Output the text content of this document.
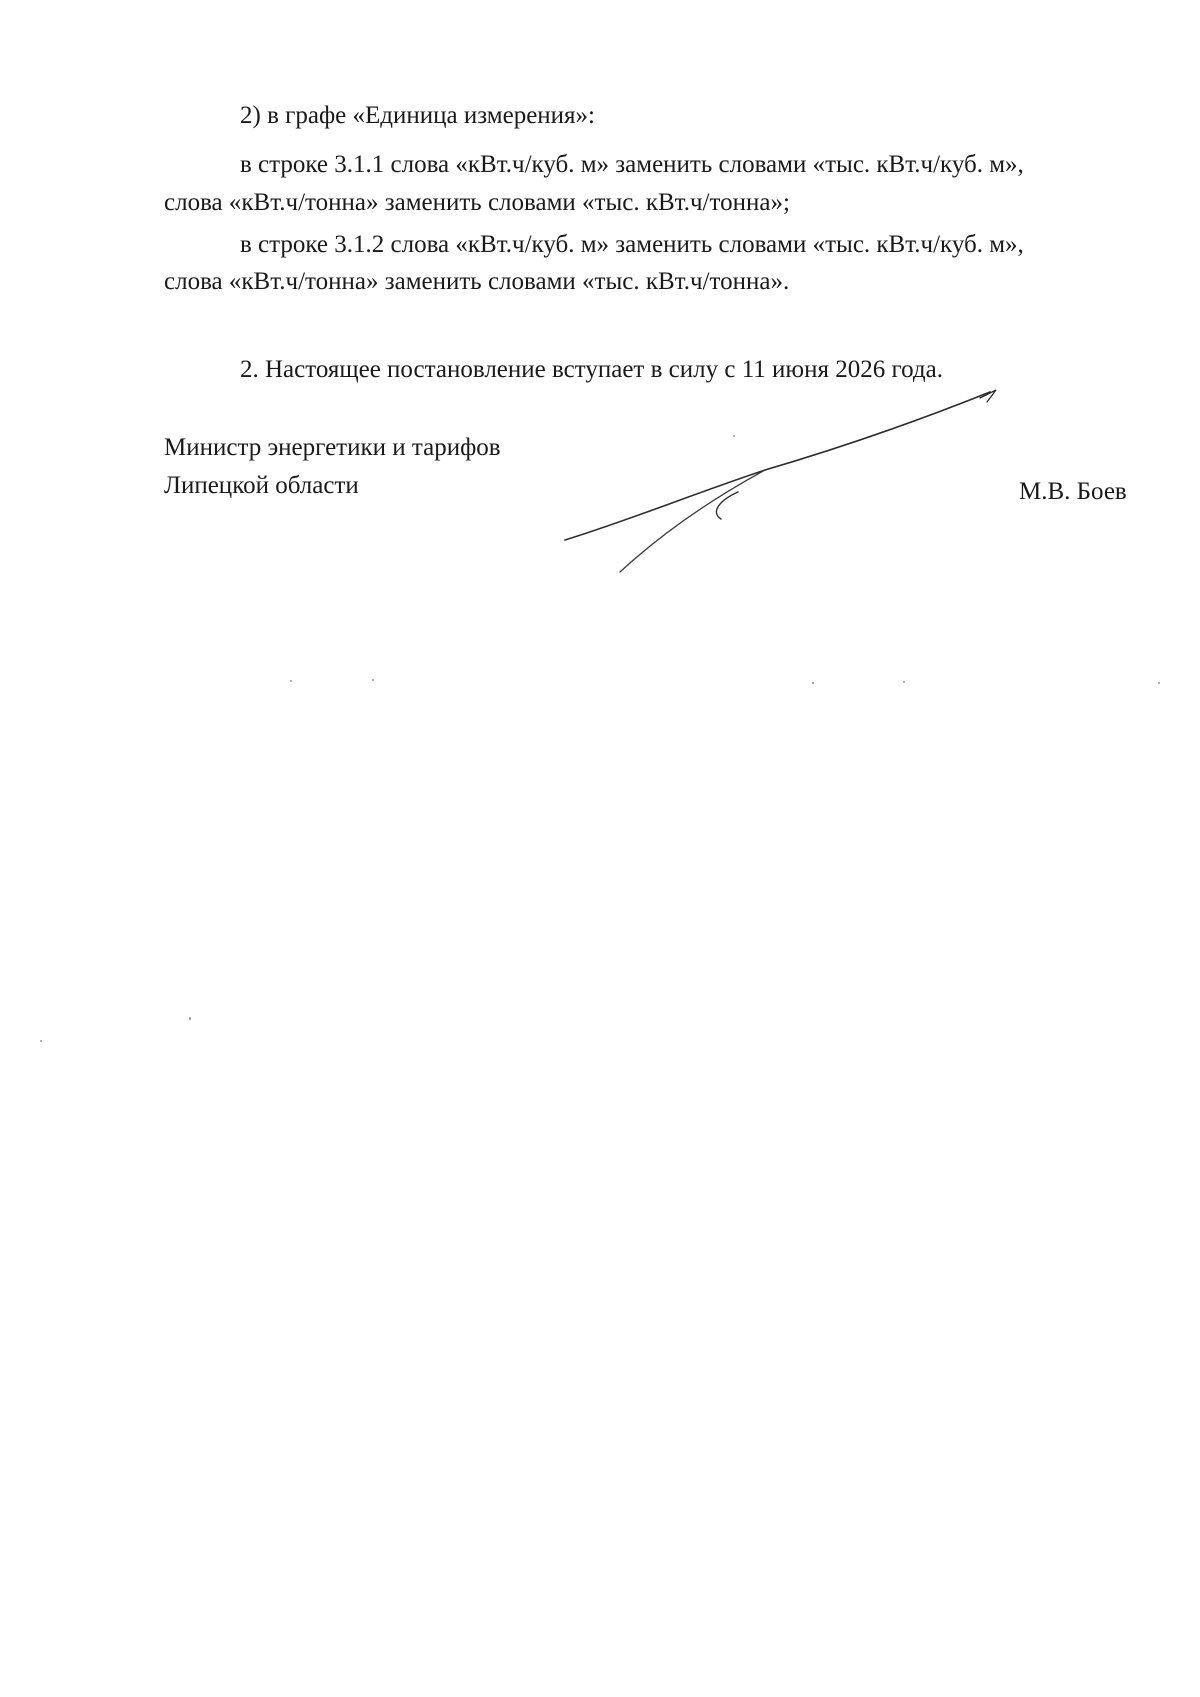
2) в графе «Единица измерения»:
в строке 3.1.1 слова «кВт.ч/куб. м» заменить словами «тыс. кВт.ч/куб. м»,
слова «кВт.ч/тонна» заменить словами «тыс. кВт.ч/тонна»;
в строке 3.1.2 слова «кВт.ч/куб. м» заменить словами «тыс. кВт.ч/куб. м»,
слова «кВт.ч/тонна» заменить словами «тыс. кВт.ч/тонна».
2. Настоящее постановление вступает в силу с 11 июня 2026 года.
Министр энергетики и тарифов
Липецкой области	М.В. Боев
